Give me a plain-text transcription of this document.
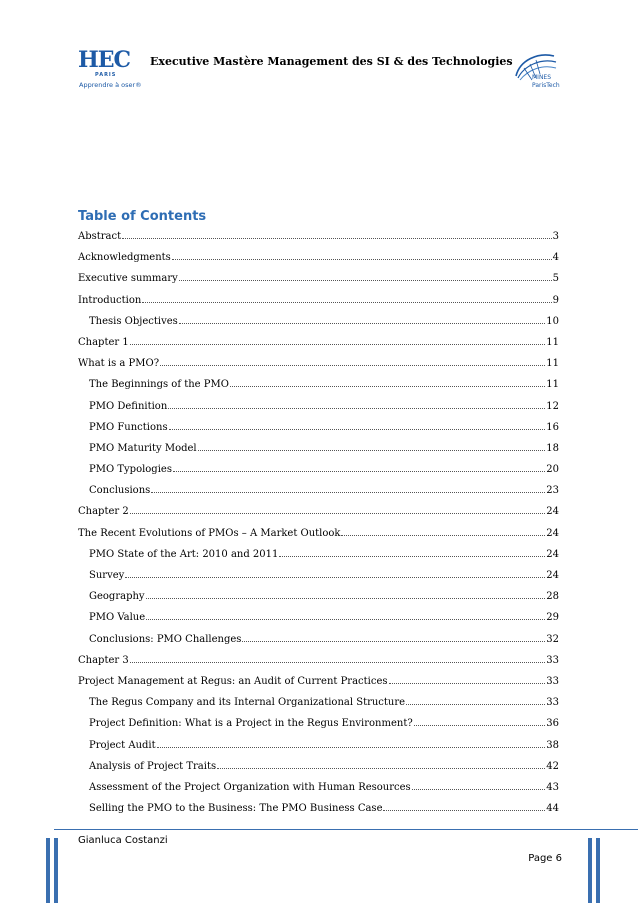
HEC
PARIS
Apprendre à oser®
Executive Mastère Management des SI & des Technologies
MINES
ParisTech
Table of Contents
Abstract	3
Acknowledgments	4
Executive summary	5
Introduction	9
Thesis Objectives	10
Chapter 1	11
What is a PMO?	11
The Beginnings of the PMO	11
PMO Definition	12
PMO Functions	16
PMO Maturity Model	18
PMO Typologies	20
Conclusions	23
Chapter 2	24
The Recent Evolutions of PMOs – A Market Outlook	24
PMO State of the Art: 2010 and 2011	24
Survey	24
Geography	28
PMO Value	29
Conclusions: PMO Challenges	32
Chapter 3	33
Project Management at Regus: an Audit of Current Practices	33
The Regus Company and its Internal Organizational Structure	33
Project Definition: What is a Project in the Regus Environment?	36
Project Audit	38
Analysis of Project Traits	42
Assessment of the Project Organization with Human Resources	43
Selling the PMO to the Business: The PMO Business Case	44
Gianluca Costanzi
Page 6
